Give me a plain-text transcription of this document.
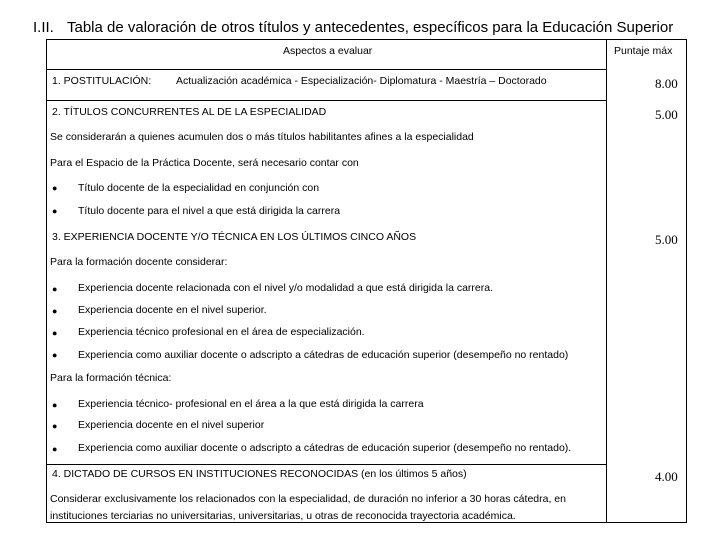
I.II. Tabla de valoración de otros títulos y antecedentes, específicos para la Educación Superior
Aspectos a evaluar	Puntaje máx
1. POSTITULACIÓN: Actualización académica - Especialización- Diplomatura - Maestría – Doctorado	8.00
2. TÍTULOS CONCURRENTES AL DE LA ESPECIALIDAD	5.00
Se considerarán a quienes acumulen dos o más títulos habilitantes afines a la especialidad
Para el Espacio de la Práctica Docente, será necesario contar con
● Título docente de la especialidad en conjunción con
● Título docente para el nivel a que está dirigida la carrera
3. EXPERIENCIA DOCENTE Y/O TÉCNICA EN LOS ÚLTIMOS CINCO AÑOS	5.00
Para la formación docente considerar:
● Experiencia docente relacionada con el nivel y/o modalidad a que está dirigida la carrera.
● Experiencia docente en el nivel superior.
● Experiencia técnico profesional en el área de especialización.
● Experiencia como auxiliar docente o adscripto a cátedras de educación superior (desempeño no rentado)
Para la formación técnica:
● Experiencia técnico- profesional en el área a la que está dirigida la carrera
● Experiencia docente en el nivel superior
● Experiencia como auxiliar docente o adscripto a cátedras de educación superior (desempeño no rentado).
4. DICTADO DE CURSOS EN INSTITUCIONES RECONOCIDAS (en los últimos 5 años)	4.00
Considerar exclusivamente los relacionados con la especialidad, de duración no inferior a 30 horas cátedra, en
instituciones terciarias no universitarias, universitarias, u otras de reconocida trayectoria académica.
